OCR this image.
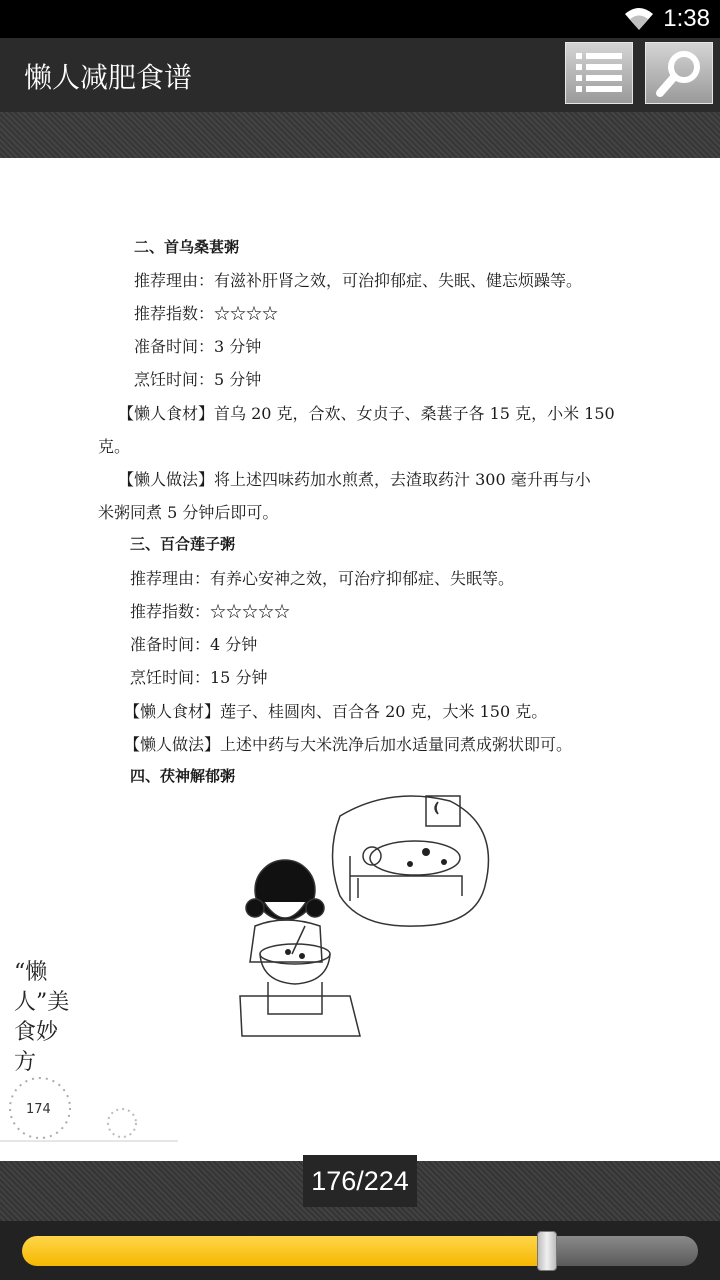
1:38
懒人减肥食谱
二、首乌桑葚粥
推荐理由：有滋补肝肾之效，可治抑郁症、失眠、健忘烦躁等。
推荐指数：☆☆☆☆
准备时间：3 分钟
烹饪时间：5 分钟
【懒人食材】首乌 20 克，合欢、女贞子、桑葚子各 15 克，小米 150
克。
【懒人做法】将上述四味药加水煎煮，去渣取药汁 300 毫升再与小
米粥同煮 5 分钟后即可。
三、百合莲子粥
推荐理由：有养心安神之效，可治疗抑郁症、失眠等。
推荐指数：☆☆☆☆☆
准备时间：4 分钟
烹饪时间：15 分钟
【懒人食材】莲子、桂圆肉、百合各 20 克，大米 150 克。
【懒人做法】上述中药与大米洗净后加水适量同煮成粥状即可。
四、茯神解郁粥
“懒人”美食妙方
174
176/224
